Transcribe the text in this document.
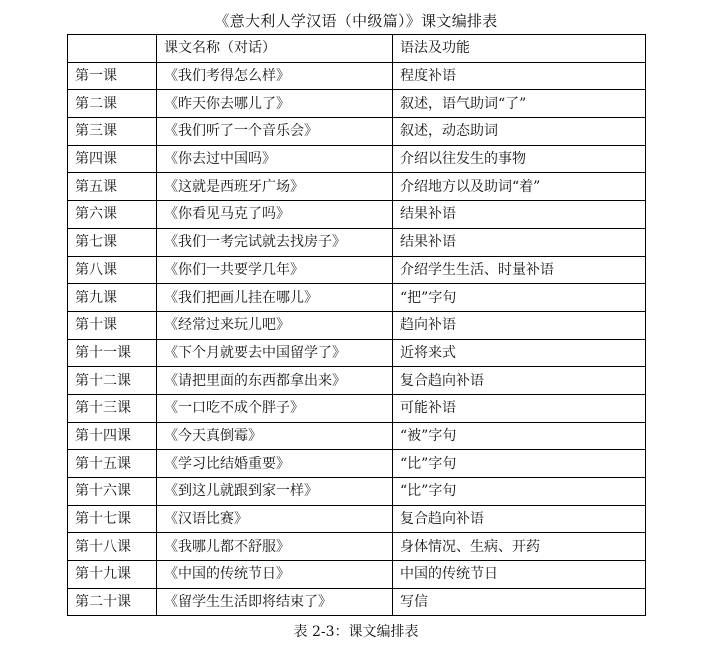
《意大利人学汉语（中级篇）》课文编排表
	课文名称（对话）	语法及功能
第一课	《我们考得怎么样》	程度补语
第二课	《昨天你去哪儿了》	叙述，语气助词“了”
第三课	《我们听了一个音乐会》	叙述，动态助词
第四课	《你去过中国吗》	介绍以往发生的事物
第五课	《这就是西班牙广场》	介绍地方以及助词“着”
第六课	《你看见马克了吗》	结果补语
第七课	《我们一考完试就去找房子》	结果补语
第八课	《你们一共要学几年》	介绍学生生活、时量补语
第九课	《我们把画儿挂在哪儿》	“把”字句
第十课	《经常过来玩儿吧》	趋向补语
第十一课	《下个月就要去中国留学了》	近将来式
第十二课	《请把里面的东西都拿出来》	复合趋向补语
第十三课	《一口吃不成个胖子》	可能补语
第十四课	《今天真倒霉》	“被”字句
第十五课	《学习比结婚重要》	“比”字句
第十六课	《到这儿就跟到家一样》	“比”字句
第十七课	《汉语比赛》	复合趋向补语
第十八课	《我哪儿都不舒服》	身体情况、生病、开药
第十九课	《中国的传统节日》	中国的传统节日
第二十课	《留学生生活即将结束了》	写信
表 2-3：课文编排表
